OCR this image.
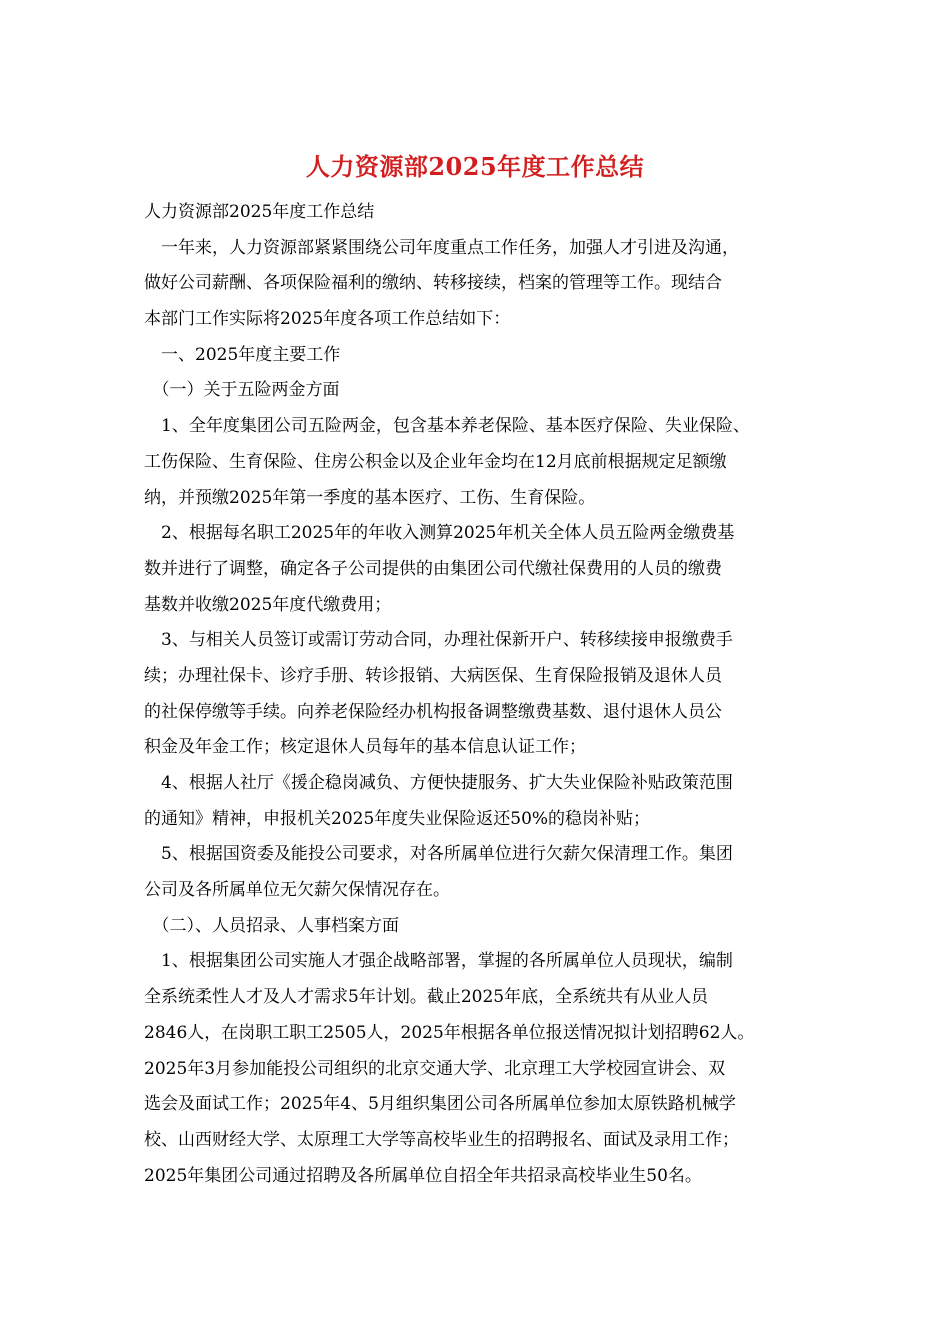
人力资源部2025年度工作总结
人力资源部2025年度工作总结
　一年来，人力资源部紧紧围绕公司年度重点工作任务，加强人才引进及沟通，
做好公司薪酬、各项保险福利的缴纳、转移接续，档案的管理等工作。现结合
本部门工作实际将2025年度各项工作总结如下：
　一、2025年度主要工作
　（一）关于五险两金方面
　1、全年度集团公司五险两金，包含基本养老保险、基本医疗保险、失业保险、
工伤保险、生育保险、住房公积金以及企业年金均在12月底前根据规定足额缴
纳，并预缴2025年第一季度的基本医疗、工伤、生育保险。
　2、根据每名职工2025年的年收入测算2025年机关全体人员五险两金缴费基
数并进行了调整，确定各子公司提供的由集团公司代缴社保费用的人员的缴费
基数并收缴2025年度代缴费用；
　3、与相关人员签订或需订劳动合同，办理社保新开户、转移续接申报缴费手
续；办理社保卡、诊疗手册、转诊报销、大病医保、生育保险报销及退休人员
的社保停缴等手续。向养老保险经办机构报备调整缴费基数、退付退休人员公
积金及年金工作；核定退休人员每年的基本信息认证工作；
　4、根据人社厅《援企稳岗减负、方便快捷服务、扩大失业保险补贴政策范围
的通知》精神，申报机关2025年度失业保险返还50%的稳岗补贴；
　5、根据国资委及能投公司要求，对各所属单位进行欠薪欠保清理工作。集团
公司及各所属单位无欠薪欠保情况存在。
　（二）、人员招录、人事档案方面
　1、根据集团公司实施人才强企战略部署，掌握的各所属单位人员现状，编制
全系统柔性人才及人才需求5年计划。截止2025年底，全系统共有从业人员
2846人，在岗职工职工2505人，2025年根据各单位报送情况拟计划招聘62人。
2025年3月参加能投公司组织的北京交通大学、北京理工大学校园宣讲会、双
选会及面试工作；2025年4、5月组织集团公司各所属单位参加太原铁路机械学
校、山西财经大学、太原理工大学等高校毕业生的招聘报名、面试及录用工作；
2025年集团公司通过招聘及各所属单位自招全年共招录高校毕业生50名。
